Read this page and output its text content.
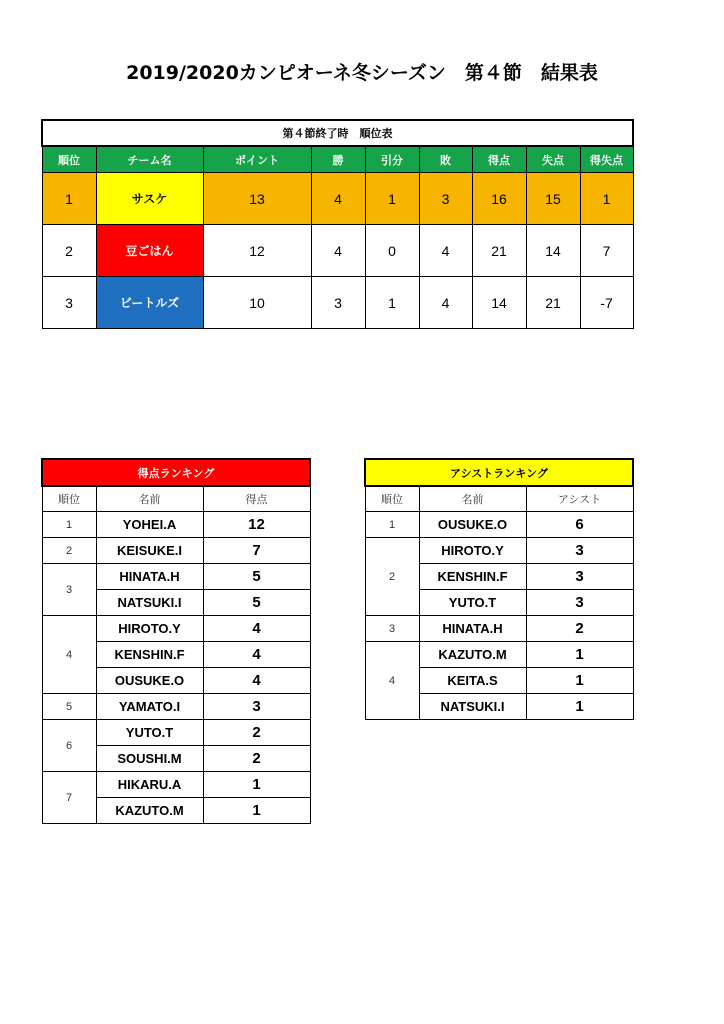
2019/2020カンピオーネ冬シーズン　第４節　結果表
第４節終了時　順位表								
順位	チーム名	ポイント	勝	引分	敗	得点	失点	得失点
1	サスケ	13	4	1	3	16	15	1
2	豆ごはん	12	4	0	4	21	14	7
3	ビートルズ	10	3	1	4	14	21	-7
得点ランキング		
順位	名前	得点
1	YOHEI.A	12
2	KEISUKE.I	7
3	HINATA.H	5
	NATSUKI.I	5
4	HIROTO.Y	4
	KENSHIN.F	4
	OUSUKE.O	4
5	YAMATO.I	3
6	YUTO.T	2
	SOUSHI.M	2
7	HIKARU.A	1
	KAZUTO.M	1
アシストランキング		
順位	名前	アシスト
1	OUSUKE.O	6
2	HIROTO.Y	3
	KENSHIN.F	3
	YUTO.T	3
3	HINATA.H	2
4	KAZUTO.M	1
	KEITA.S	1
	NATSUKI.I	1
